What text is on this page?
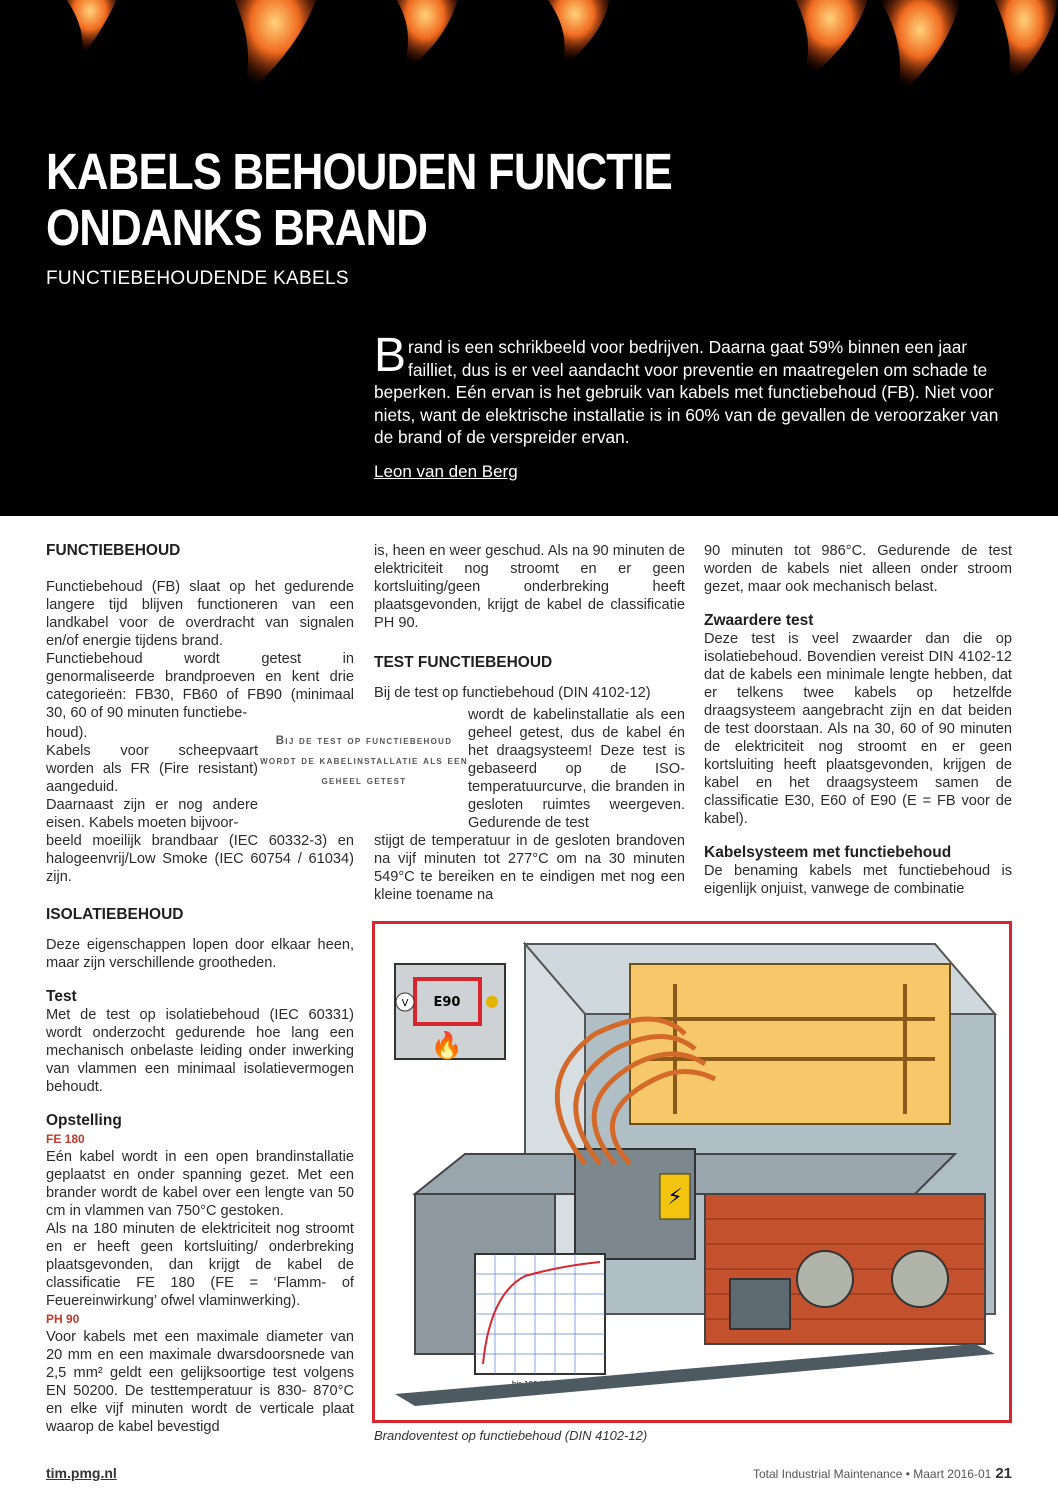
KABELS BEHOUDEN FUNCTIE
ONDANKS BRAND
FUNCTIEBEHOUDENDE KABELS

Brand is een schrikbeeld voor bedrijven. Daarna gaat 59% binnen een jaar failliet, dus is er veel aandacht voor preventie en maatregelen om schade te beperken. Eén ervan is het gebruik van kabels met functiebehoud (FB). Niet voor niets, want de elektrische installatie is in 60% van de gevallen de veroorzaker van de brand of de verspreider ervan.

Leon van den Berg

FUNCTIEBEHOUD

Functiebehoud (FB) slaat op het gedurende langere tijd blijven functioneren van een landkabel voor de overdracht van signalen en/of energie tijdens brand.

Functiebehoud wordt getest in genormaliseerde brandproeven en kent drie categorieën: FB30, FB60 of FB90 (minimaal 30, 60 of 90 minuten functiebe-

houd).

Kabels voor scheepvaart worden als FR (Fire resistant) aangeduid.

Daarnaast zijn er nog andere eisen. Kabels moeten bijvoor-

beeld moeilijk brandbaar (IEC 60332-3) en halogeenvrij/Low Smoke (IEC 60754 / 61034) zijn.

ISOLATIEBEHOUD

Deze eigenschappen lopen door elkaar heen, maar zijn verschillende grootheden.

Test

Met de test op isolatiebehoud (IEC 60331) wordt onderzocht gedurende hoe lang een mechanisch onbelaste leiding onder inwerking van vlammen een minimaal isolatievermogen behoudt.

Opstelling

FE 180

Eén kabel wordt in een open brandinstallatie geplaatst en onder spanning gezet. Met een brander wordt de kabel over een lengte van 50 cm in vlammen van 750°C gestoken.

Als na 180 minuten de elektriciteit nog stroomt en er heeft geen kortsluiting/ onderbreking plaatsgevonden, dan krijgt de kabel de classificatie FE 180 (FE = ‘Flamm- of Feuereinwirkung’ ofwel vlaminwerking).

PH 90

Voor kabels met een maximale diameter van 20 mm en een maximale dwarsdoorsnede van 2,5 mm² geldt een gelijksoortige test volgens EN 50200. De testtemperatuur is 830- 870°C en elke vijf minuten wordt de verticale plaat waarop de kabel bevestigd

Bij de test op functiebehoud wordt de kabelinstallatie als een geheel getest

is, heen en weer geschud. Als na 90 minuten de elektriciteit nog stroomt en er geen kortsluiting/geen onderbreking heeft plaatsgevonden, krijgt de kabel de classificatie PH 90.

TEST FUNCTIEBEHOUD

Bij de test op functiebehoud (DIN 4102-12)

wordt de kabelinstallatie als een geheel getest, dus de kabel én het draagsysteem! Deze test is gebaseerd op de ISO-temperatuurcurve, die branden in gesloten ruimtes weergeven. Gedurende de test

stijgt de temperatuur in de gesloten brandoven na vijf minuten tot 277°C om na 30 minuten 549°C te bereiken en te eindigen met nog een kleine toename na

90 minuten tot 986°C. Gedurende de test worden de kabels niet alleen onder stroom gezet, maar ook mechanisch belast.

Zwaardere test

Deze test is veel zwaarder dan die op isolatiebehoud. Bovendien vereist DIN 4102-12 dat de kabels een minimale lengte hebben, dat er telkens twee kabels op hetzelfde draagsysteem aangebracht zijn en dat beiden de test doorstaan. Als na 30, 60 of 90 minuten de elektriciteit nog stroomt en er geen kortsluiting heeft plaatsgevonden, krijgen de kabel en het draagsysteem samen de classificatie E30, E60 of E90 (E = FB voor de kabel).

Kabelsysteem met functiebehoud

De benaming kabels met functiebehoud is eigenlijk onjuist, vanwege de combinatie

⚡
V E90 ●
🔥
Brandoventest op functiebehoud (DIN 4102-12)
tim.pmg.nl	Total Industrial Maintenance • Maart 2016-01 21
